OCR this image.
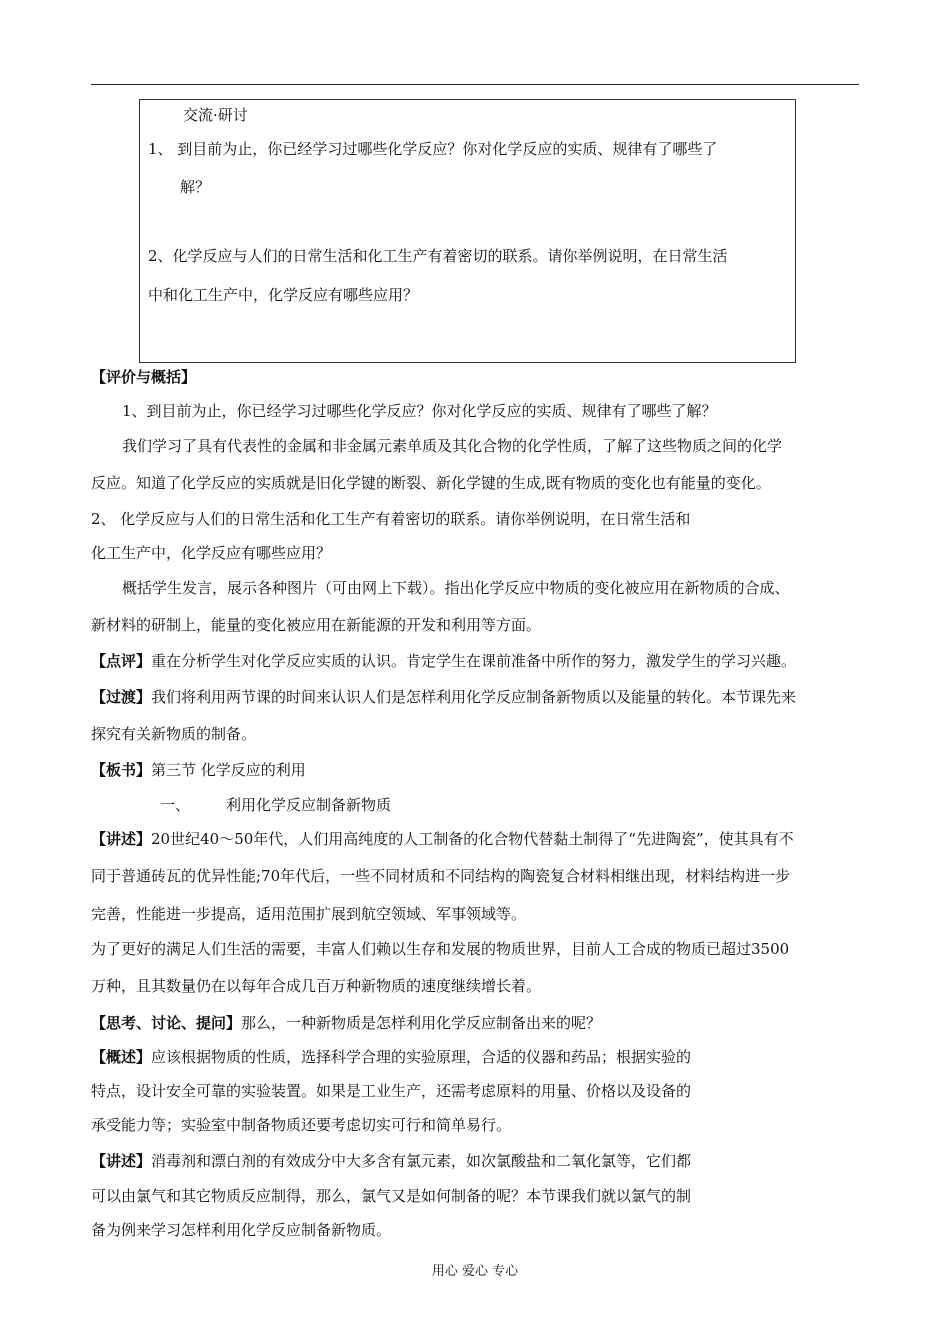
交流·研讨
1、 到目前为止，你已经学习过哪些化学反应？你对化学反应的实质、规律有了哪些了
解？
2、化学反应与人们的日常生活和化工生产有着密切的联系。请你举例说明，在日常生活
中和化工生产中，化学反应有哪些应用？
【评价与概括】
1、到目前为止，你已经学习过哪些化学反应？你对化学反应的实质、规律有了哪些了解？
我们学习了具有代表性的金属和非金属元素单质及其化合物的化学性质，了解了这些物质之间的化学
反应。知道了化学反应的实质就是旧化学键的断裂、新化学键的生成,既有物质的变化也有能量的变化。
2、 化学反应与人们的日常生活和化工生产有着密切的联系。请你举例说明，在日常生活和
化工生产中，化学反应有哪些应用？
概括学生发言，展示各种图片（可由网上下载）。指出化学反应中物质的变化被应用在新物质的合成、
新材料的研制上，能量的变化被应用在新能源的开发和利用等方面。
【点评】重在分析学生对化学反应实质的认识。肯定学生在课前准备中所作的努力，激发学生的学习兴趣。
【过渡】我们将利用两节课的时间来认识人们是怎样利用化学反应制备新物质以及能量的转化。本节课先来
探究有关新物质的制备。
【板书】第三节 化学反应的利用
一、 利用化学反应制备新物质
【讲述】20世纪40～50年代，人们用高纯度的人工制备的化合物代替黏土制得了“先进陶瓷”，使其具有不
同于普通砖瓦的优异性能;70年代后，一些不同材质和不同结构的陶瓷复合材料相继出现，材料结构进一步
完善，性能进一步提高，适用范围扩展到航空领域、军事领域等。
为了更好的满足人们生活的需要，丰富人们赖以生存和发展的物质世界，目前人工合成的物质已超过3500
万种，且其数量仍在以每年合成几百万种新物质的速度继续增长着。
【思考、讨论、提问】那么，一种新物质是怎样利用化学反应制备出来的呢？
【概述】应该根据物质的性质，选择科学合理的实验原理，合适的仪器和药品；根据实验的
特点，设计安全可靠的实验装置。如果是工业生产，还需考虑原料的用量、价格以及设备的
承受能力等；实验室中制备物质还要考虑切实可行和简单易行。
【讲述】消毒剂和漂白剂的有效成分中大多含有氯元素，如次氯酸盐和二氧化氯等，它们都
可以由氯气和其它物质反应制得，那么，氯气又是如何制备的呢？本节课我们就以氯气的制
备为例来学习怎样利用化学反应制备新物质。
用心 爱心 专心
